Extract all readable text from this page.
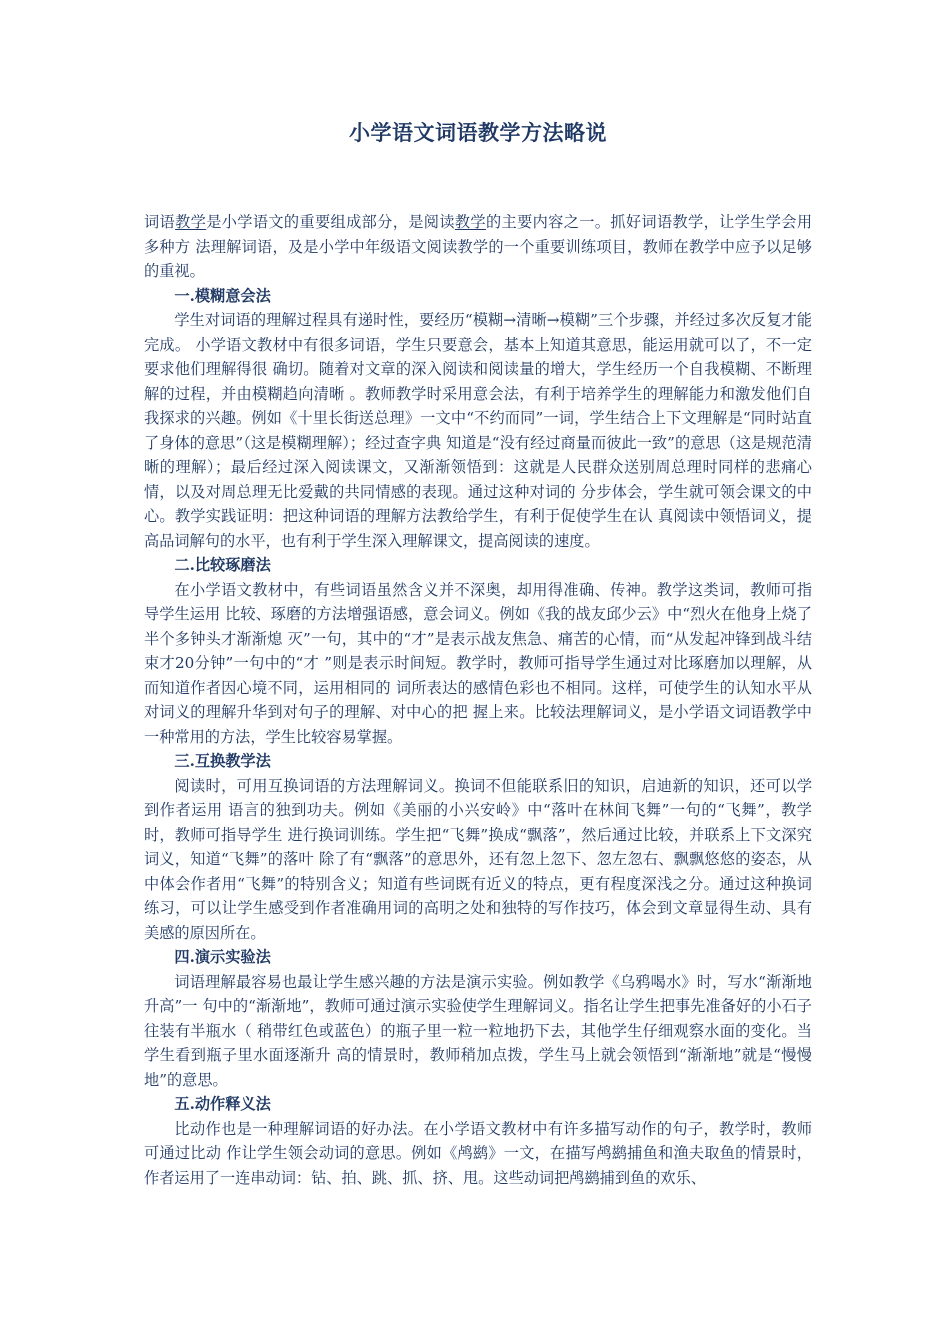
小学语文词语教学方法略说

词语教学是小学语文的重要组成部分，是阅读教学的主要内容之一。抓好词语教学，让学生学会用多种方 法理解词语，及是小学中年级语文阅读教学的一个重要训练项目，教师在教学中应予以足够的重视。

一.模糊意会法

学生对词语的理解过程具有递时性，要经历“模糊→清晰→模糊”三个步骤，并经过多次反复才能完成。 小学语文教材中有很多词语，学生只要意会，基本上知道其意思，能运用就可以了，不一定要求他们理解得很 确切。随着对文章的深入阅读和阅读量的增大，学生经历一个自我模糊、不断理解的过程，并由模糊趋向清晰 。教师教学时采用意会法，有利于培养学生的理解能力和激发他们自我探求的兴趣。例如《十里长街送总理》一文中“不约而同”一词，学生结合上下文理解是“同时站直了身体的意思”（这是模糊理解）；经过查字典 知道是“没有经过商量而彼此一致”的意思（这是规范清晰的理解）；最后经过深入阅读课文，又渐渐领悟到：这就是人民群众送别周总理时同样的悲痛心情，以及对周总理无比爱戴的共同情感的表现。通过这种对词的 分步体会，学生就可领会课文的中心。教学实践证明：把这种词语的理解方法教给学生，有利于促使学生在认 真阅读中领悟词义，提高品词解句的水平，也有利于学生深入理解课文，提高阅读的速度。

二.比较琢磨法

在小学语文教材中，有些词语虽然含义并不深奥，却用得准确、传神。教学这类词，教师可指导学生运用 比较、琢磨的方法增强语感，意会词义。例如《我的战友邱少云》中“烈火在他身上烧了半个多钟头才渐渐熄 灭”一句，其中的“才”是表示战友焦急、痛苦的心情，而“从发起冲锋到战斗结束才20分钟”一句中的“才 ”则是表示时间短。教学时，教师可指导学生通过对比琢磨加以理解，从而知道作者因心境不同，运用相同的 词所表达的感情色彩也不相同。这样，可使学生的认知水平从对词义的理解升华到对句子的理解、对中心的把 握上来。比较法理解词义，是小学语文词语教学中一种常用的方法，学生比较容易掌握。

三.互换教学法

阅读时，可用互换词语的方法理解词义。换词不但能联系旧的知识，启迪新的知识，还可以学到作者运用 语言的独到功夫。例如《美丽的小兴安岭》中“落叶在林间飞舞”一句的“飞舞”，教学时，教师可指导学生 进行换词训练。学生把“飞舞”换成“飘落”，然后通过比较，并联系上下文深究词义，知道“飞舞”的落叶 除了有“飘落”的意思外，还有忽上忽下、忽左忽右、飘飘悠悠的姿态，从中体会作者用“飞舞”的特别含义；知道有些词既有近义的特点，更有程度深浅之分。通过这种换词练习，可以让学生感受到作者准确用词的高明之处和独特的写作技巧，体会到文章显得生动、具有美感的原因所在。

四.演示实验法

词语理解最容易也最让学生感兴趣的方法是演示实验。例如教学《乌鸦喝水》时，写水“渐渐地升高”一 句中的“渐渐地”，教师可通过演示实验使学生理解词义。指名让学生把事先准备好的小石子往装有半瓶水（ 稍带红色或蓝色）的瓶子里一粒一粒地扔下去，其他学生仔细观察水面的变化。当学生看到瓶子里水面逐渐升 高的情景时，教师稍加点拨，学生马上就会领悟到“渐渐地”就是“慢慢地”的意思。

五.动作释义法

比动作也是一种理解词语的好办法。在小学语文教材中有许多描写动作的句子，教学时，教师可通过比动 作让学生领会动词的意思。例如《鸬鹚》一文，在描写鸬鹚捕鱼和渔夫取鱼的情景时，作者运用了一连串动词：钻、拍、跳、抓、挤、甩。这些动词把鸬鹚捕到鱼的欢乐、
